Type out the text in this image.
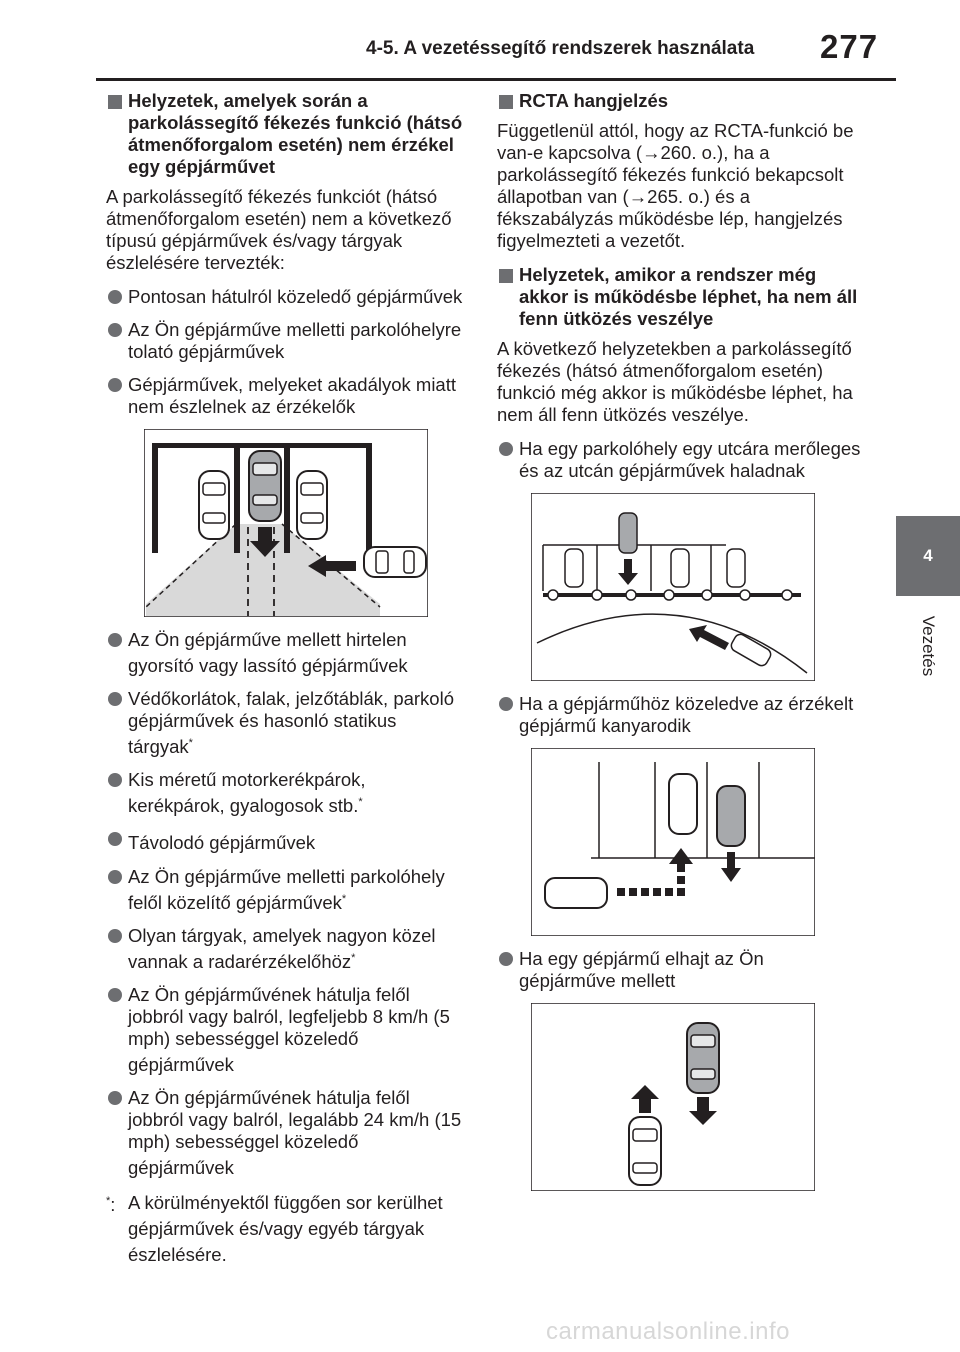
4-5. A vezetéssegítő rendszerek használata 277
4
Vezetés
Helyzetek, amelyek során a parkolássegítő fékezés funkció (hátsó átmenőforgalom esetén) nem érzékel egy gépjárművet
A parkolássegítő fékezés funkciót (hátsó átmenőforgalom esetén) nem a következő típusú gépjárművek és/vagy tárgyak észlelésére tervezték:
Pontosan hátulról közeledő gépjárművek
Az Ön gépjárműve melletti parkolóhelyre tolató gépjárművek
Gépjárművek, melyeket akadályok miatt nem észlelnek az érzékelők
Az Ön gépjárműve mellett hirtelen gyorsító vagy lassító gépjárművek
Védőkorlátok, falak, jelzőtáblák, parkoló gépjárművek és hasonló statikus tárgyak*
Kis méretű motorkerékpárok, kerékpárok, gyalogosok stb.*
Távolodó gépjárművek
Az Ön gépjárműve melletti parkolóhely felől közelítő gépjárművek*
Olyan tárgyak, amelyek nagyon közel vannak a radarérzékelőhöz*
Az Ön gépjárművének hátulja felől jobbról vagy balról, legfeljebb 8 km/h (5 mph) sebességgel közeledő gépjárművek
Az Ön gépjárművének hátulja felől jobbról vagy balról, legalább 24 km/h (15 mph) sebességgel közeledő gépjárművek
*: A körülményektől függően sor kerülhet gépjárművek és/vagy egyéb tárgyak észlelésére.
RCTA hangjelzés
Függetlenül attól, hogy az RCTA-funkció be van-e kapcsolva (→260. o.), ha a parkolássegítő fékezés funkció bekapcsolt állapotban van (→265. o.) és a fékszabályzás működésbe lép, hangjelzés figyelmezteti a vezetőt.
Helyzetek, amikor a rendszer még akkor is működésbe léphet, ha nem áll fenn ütközés veszélye
A következő helyzetekben a parkolássegítő fékezés (hátsó átmenőforgalom esetén) funkció még akkor is működésbe léphet, ha nem áll fenn ütközés veszélye.
Ha egy parkolóhely egy utcára merőleges és az utcán gépjárművek haladnak
Ha a gépjárműhöz közeledve az érzékelt gépjármű kanyarodik
Ha egy gépjármű elhajt az Ön gépjárműve mellett
carmanualsonline.info
